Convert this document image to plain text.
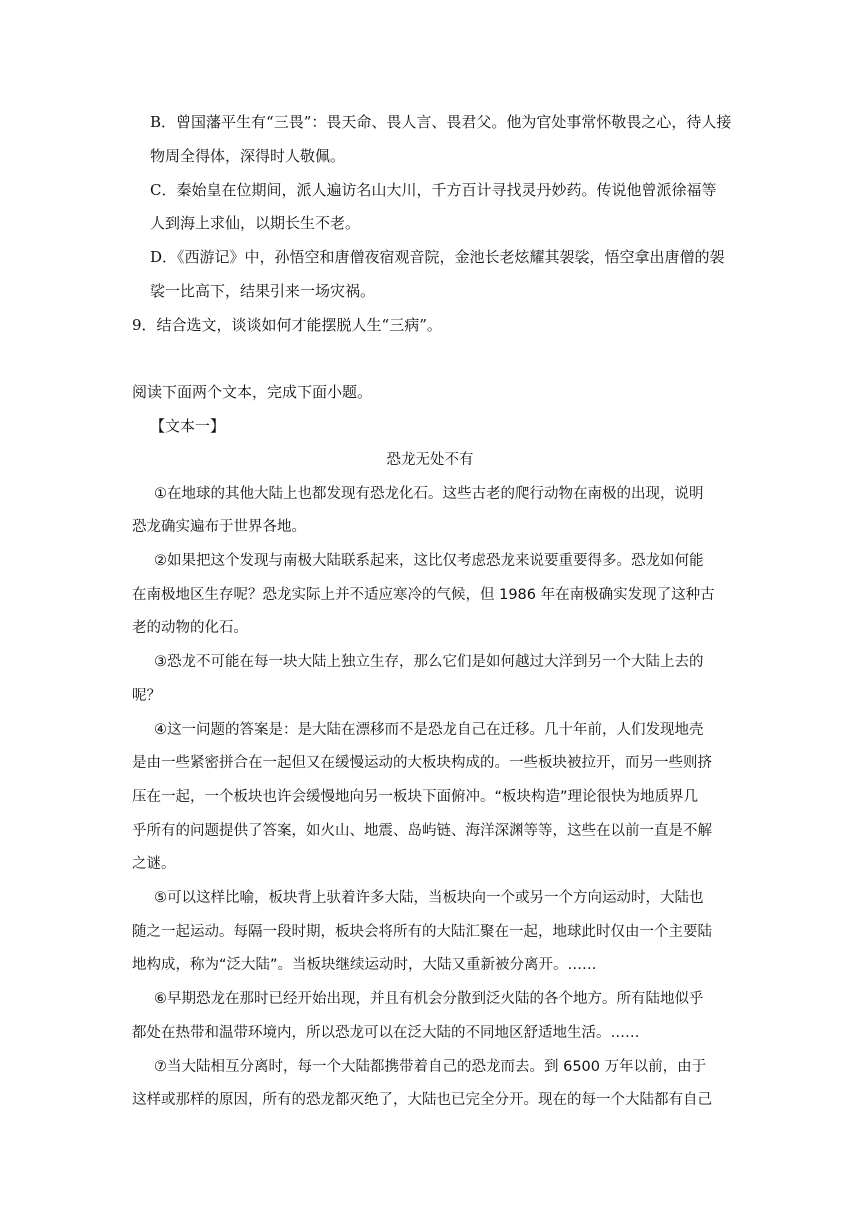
B．曾国藩平生有“三畏”：畏天命、畏人言、畏君父。他为官处事常怀敬畏之心，待人接
物周全得体，深得时人敬佩。
C．秦始皇在位期间，派人遍访名山大川，千方百计寻找灵丹妙药。传说他曾派徐福等
人到海上求仙，以期长生不老。
D．《西游记》中，孙悟空和唐僧夜宿观音院，金池长老炫耀其袈裟，悟空拿出唐僧的袈
裟一比高下，结果引来一场灾祸。
9．结合选文，谈谈如何才能摆脱人生“三病”。
阅读下面两个文本，完成下面小题。
【文本一】
恐龙无处不有
①在地球的其他大陆上也都发现有恐龙化石。这些古老的爬行动物在南极的出现，说明
恐龙确实遍布于世界各地。
②如果把这个发现与南极大陆联系起来，这比仅考虑恐龙来说要重要得多。恐龙如何能
在南极地区生存呢？恐龙实际上并不适应寒冷的气候，但 1986 年在南极确实发现了这种古
老的动物的化石。
③恐龙不可能在每一块大陆上独立生存，那么它们是如何越过大洋到另一个大陆上去的
呢？
④这一问题的答案是：是大陆在漂移而不是恐龙自己在迁移。几十年前，人们发现地壳
是由一些紧密拼合在一起但又在缓慢运动的大板块构成的。一些板块被拉开，而另一些则挤
压在一起，一个板块也许会缓慢地向另一板块下面俯冲。“板块构造”理论很快为地质界几
乎所有的问题提供了答案，如火山、地震、岛屿链、海洋深渊等等，这些在以前一直是不解
之谜。
⑤可以这样比喻，板块背上驮着许多大陆，当板块向一个或另一个方向运动时，大陆也
随之一起运动。每隔一段时期，板块会将所有的大陆汇聚在一起，地球此时仅由一个主要陆
地构成，称为“泛大陆”。当板块继续运动时，大陆又重新被分离开。……
⑥早期恐龙在那时已经开始出现，并且有机会分散到泛火陆的各个地方。所有陆地似乎
都处在热带和温带环境内，所以恐龙可以在泛大陆的不同地区舒适地生活。……
⑦当大陆相互分离时，每一个大陆都携带着自己的恐龙而去。到 6500 万年以前，由于
这样或那样的原因，所有的恐龙都灭绝了，大陆也已完全分开。现在的每一个大陆都有自己
